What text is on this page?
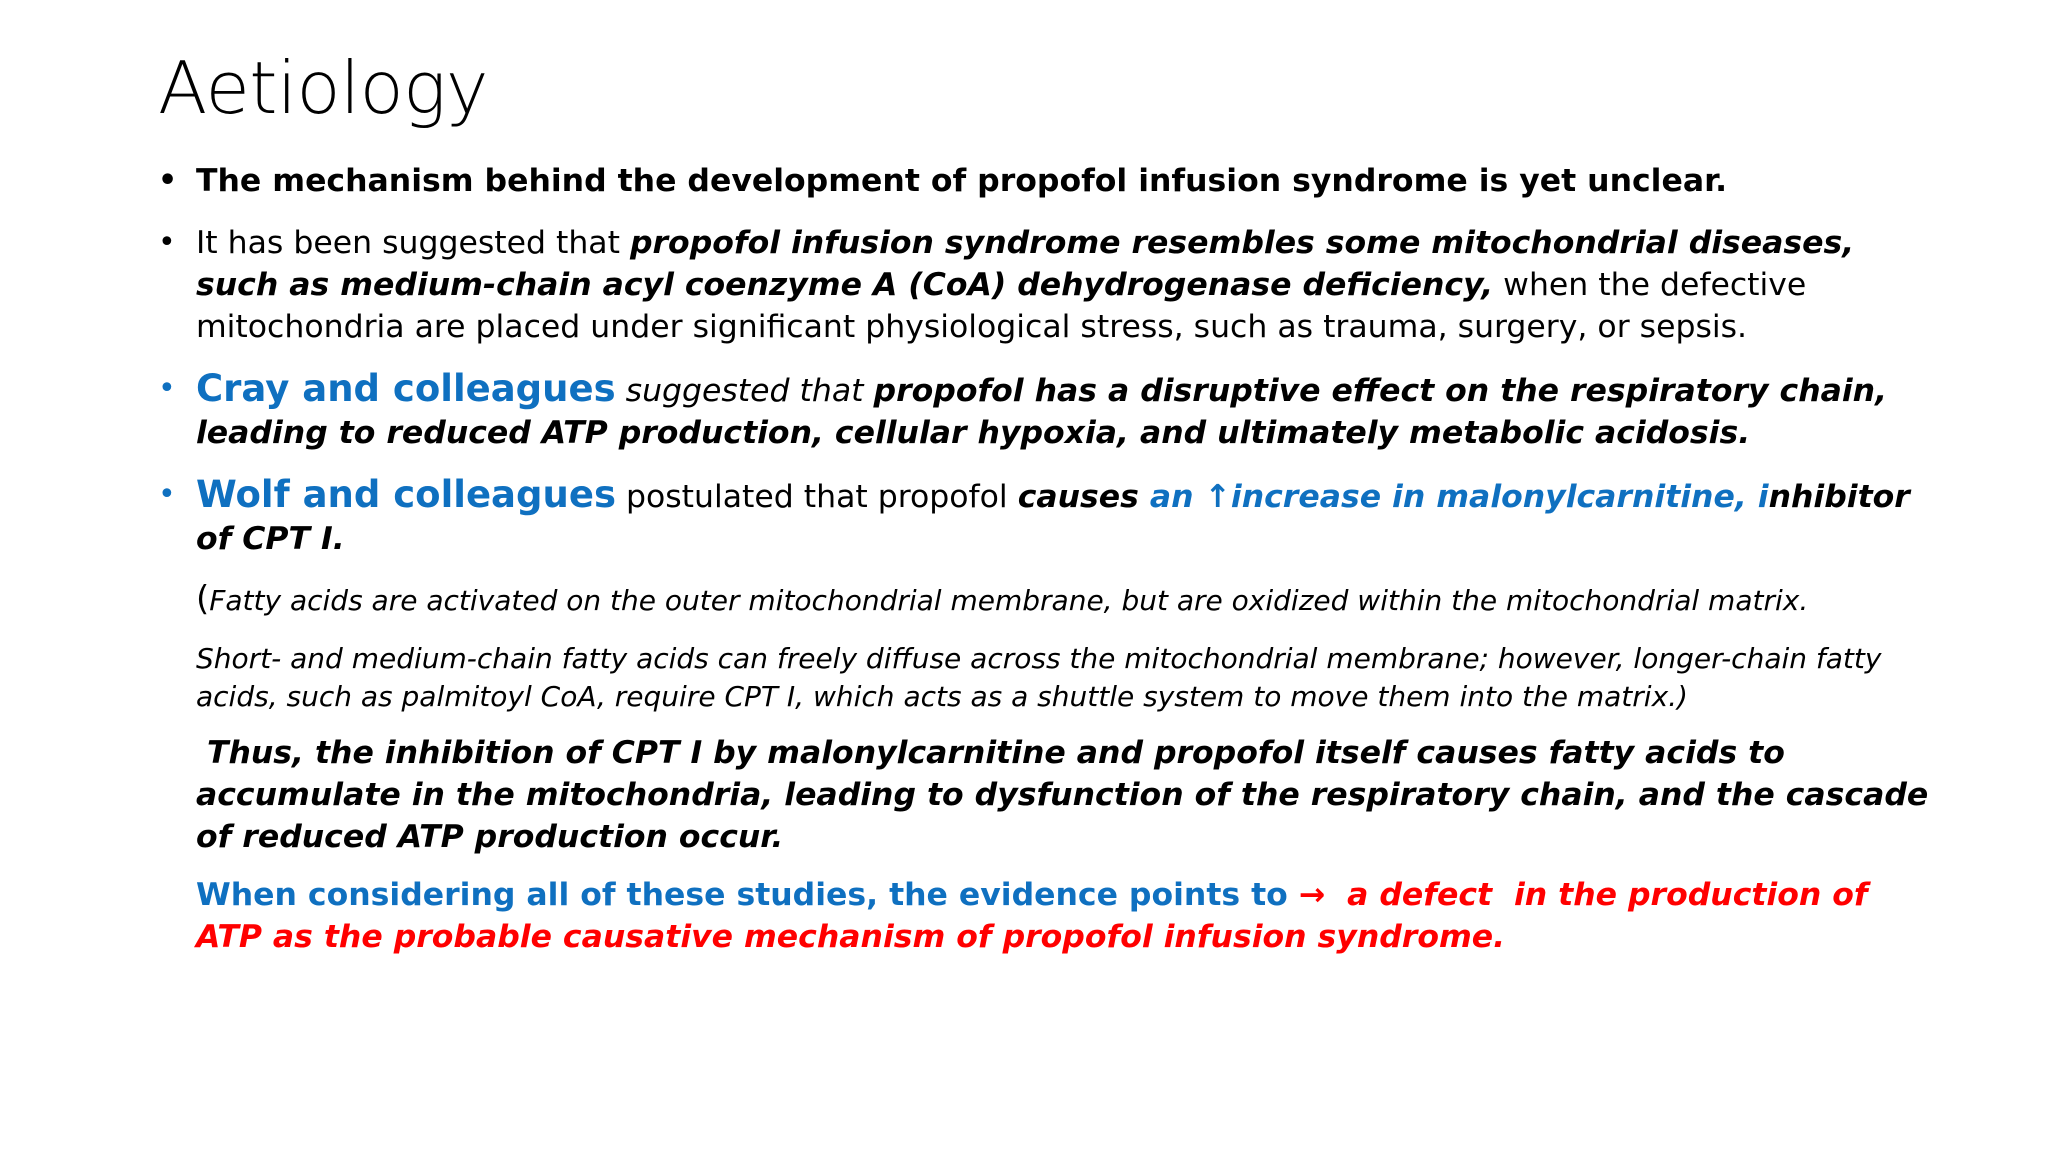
Aetiology

• The mechanism behind the development of propofol infusion syndrome is yet unclear.

• It has been suggested that propofol infusion syndrome resembles some mitochondrial diseases, such as medium-chain acyl coenzyme A (CoA) dehydrogenase deficiency, when the defective mitochondria are placed under significant physiological stress, such as trauma, surgery, or sepsis.

• Cray and colleagues suggested that propofol has a disruptive effect on the respiratory chain, leading to reduced ATP production, cellular hypoxia, and ultimately metabolic acidosis.

• Wolf and colleagues postulated that propofol causes an ↑increase in malonylcarnitine, inhibitor of CPT I.

(Fatty acids are activated on the outer mitochondrial membrane, but are oxidized within the mitochondrial matrix.

Short- and medium-chain fatty acids can freely diffuse across the mitochondrial membrane; however, longer-chain fatty acids, such as palmitoyl CoA, require CPT I, which acts as a shuttle system to move them into the matrix.)

Thus, the inhibition of CPT I by malonylcarnitine and propofol itself causes fatty acids to accumulate in the mitochondria, leading to dysfunction of the respiratory chain, and the cascade of reduced ATP production occur.

When considering all of these studies, the evidence points to →  a defect  in the production of ATP as the probable causative mechanism of propofol infusion syndrome.
